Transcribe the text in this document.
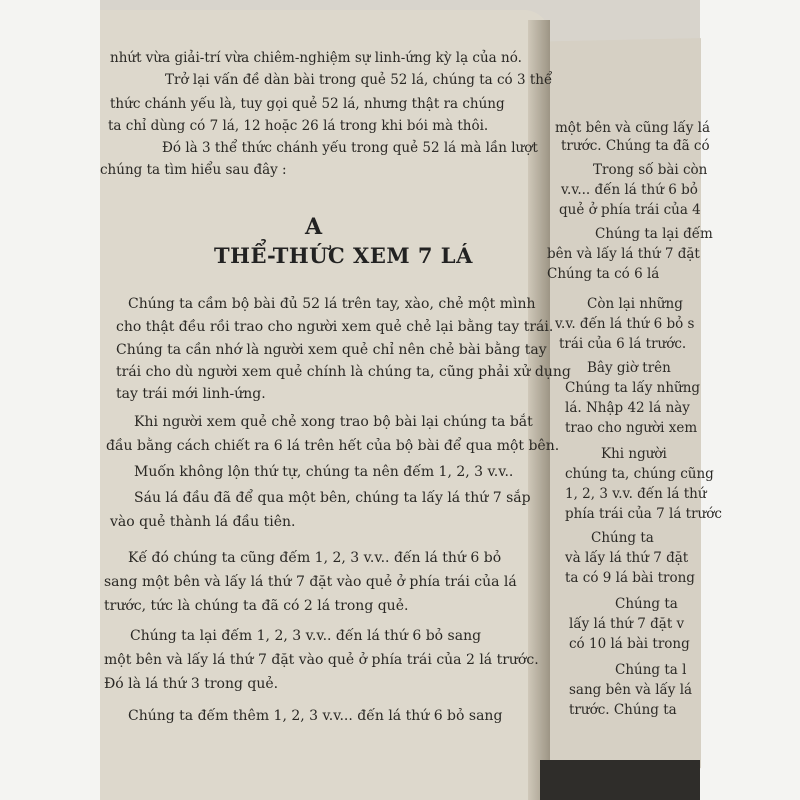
nhứt vừa giải-trí vừa chiêm-nghiệm sự linh-ứng kỳ lạ của nó.
Trở lại vấn đề dàn bài trong quẻ 52 lá, chúng ta có 3 thể
thức chánh yếu là, tuy gọi quẻ 52 lá, nhưng thật ra chúng
ta chỉ dùng có 7 lá, 12 hoặc 26 lá trong khi bói mà thôi.
Đó là 3 thể thức chánh yếu trong quẻ 52 lá mà lần lượt
chúng ta tìm hiểu sau đây :
A
THỂ-THỨC XEM 7 LÁ
Chúng ta cầm bộ bài đủ 52 lá trên tay, xào, chẻ một mình
cho thật đều rồi trao cho người xem quẻ chẻ lại bằng tay trái.
Chúng ta cần nhớ là người xem quẻ chỉ nên chẻ bài bằng tay
trái cho dù người xem quẻ chính là chúng ta, cũng phải xử dụng
tay trái mới linh-ứng.
Khi người xem quẻ chẻ xong trao bộ bài lại chúng ta bắt
đầu bằng cách chiết ra 6 lá trên hết của bộ bài để qua một bên.
Muốn không lộn thứ tự, chúng ta nên đếm 1, 2, 3 v.v..
Sáu lá đầu đã để qua một bên, chúng ta lấy lá thứ 7 sắp
vào quẻ thành lá đầu tiên.
Kế đó chúng ta cũng đếm 1, 2, 3 v.v.. đến lá thứ 6 bỏ
sang một bên và lấy lá thứ 7 đặt vào quẻ ở phía trái của lá
trước, tức là chúng ta đã có 2 lá trong quẻ.
Chúng ta lại đếm 1, 2, 3 v.v.. đến lá thứ 6 bỏ sang
một bên và lấy lá thứ 7 đặt vào quẻ ở phía trái của 2 lá trước.
Đó là lá thứ 3 trong quẻ.
Chúng ta đếm thêm 1, 2, 3 v.v... đến lá thứ 6 bỏ sang
một bên và cũng lấy lá
trước. Chúng ta đã có
Trong số bài còn
v.v... đến lá thứ 6 bỏ
quẻ ở phía trái của 4
Chúng ta lại đếm
bên và lấy lá thứ 7 đặt
Chúng ta có 6 lá
Còn lại những
v.v. đến lá thứ 6 bỏ s
trái của 6 lá trước.
Bây giờ trên
Chúng ta lấy những
lá. Nhập 42 lá này
trao cho người xem
Khi người
chúng ta, chúng cũng
1, 2, 3 v.v. đến lá thứ
phía trái của 7 lá trước
Chúng ta
và lấy lá thứ 7 đặt
ta có 9 lá bài trong
Chúng ta
lấy lá thứ 7 đặt v
có 10 lá bài trong
Chúng ta l
sang bên và lấy lá
trước. Chúng ta
